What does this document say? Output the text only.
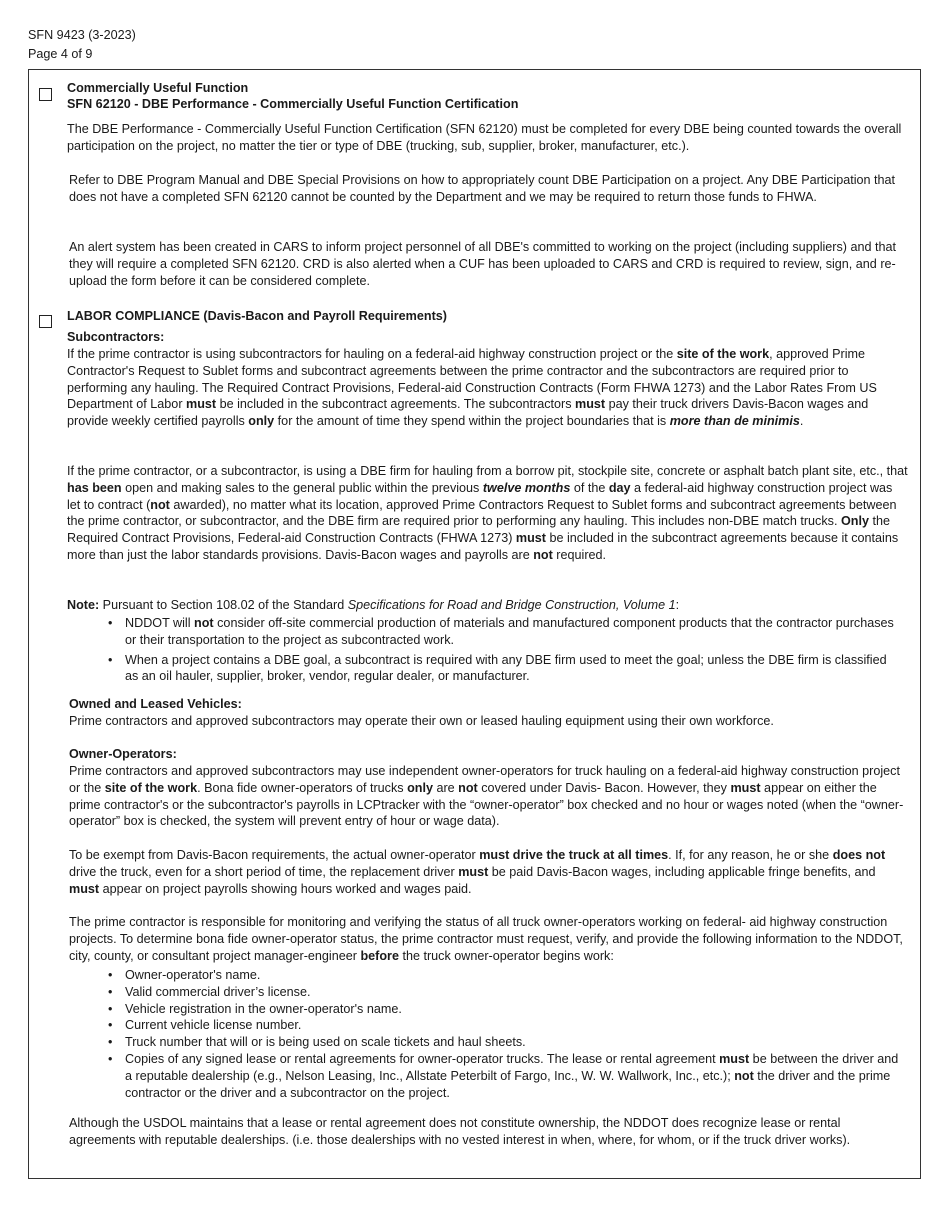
SFN 9423 (3-2023)
Page 4 of 9
Commercially Useful Function
SFN 62120 - DBE Performance - Commercially Useful Function Certification

The DBE Performance - Commercially Useful Function Certification (SFN 62120) must be completed for every DBE being counted towards the overall participation on the project, no matter the tier or type of DBE (trucking, sub, supplier, broker, manufacturer, etc.).

Refer to DBE Program Manual and DBE Special Provisions on how to appropriately count DBE Participation on a project. Any DBE Participation that does not have a completed SFN 62120 cannot be counted by the Department and we may be required to return those funds to FHWA.

An alert system has been created in CARS to inform project personnel of all DBE's committed to working on the project (including suppliers) and that they will require a completed SFN 62120. CRD is also alerted when a CUF has been uploaded to CARS and CRD is required to review, sign, and re-upload the form before it can be considered complete.

LABOR COMPLIANCE (Davis-Bacon and Payroll Requirements)
Subcontractors:

If the prime contractor is using subcontractors for hauling on a federal-aid highway construction project or the site of the work, approved Prime Contractor's Request to Sublet forms and subcontract agreements between the prime contractor and the subcontractors are required prior to performing any hauling. The Required Contract Provisions, Federal-aid Construction Contracts (Form FHWA 1273) and the Labor Rates From US Department of Labor must be included in the subcontract agreements. The subcontractors must pay their truck drivers Davis-Bacon wages and provide weekly certified payrolls only for the amount of time they spend within the project boundaries that is more than de minimis.

If the prime contractor, or a subcontractor, is using a DBE firm for hauling from a borrow pit, stockpile site, concrete or asphalt batch plant site, etc., that has been open and making sales to the general public within the previous twelve months of the day a federal-aid highway construction project was let to contract (not awarded), no matter what its location, approved Prime Contractors Request to Sublet forms and subcontract agreements between the prime contractor, or subcontractor, and the DBE firm are required prior to performing any hauling. This includes non-DBE match trucks. Only the Required Contract Provisions, Federal-aid Construction Contracts (FHWA 1273) must be included in the subcontract agreements because it contains more than just the labor standards provisions. Davis-Bacon wages and payrolls are not required.

Note: Pursuant to Section 108.02 of the Standard Specifications for Road and Bridge Construction, Volume 1:

• NDDOT will not consider off-site commercial production of materials and manufactured component products that the contractor purchases or their transportation to the project as subcontracted work.
• When a project contains a DBE goal, a subcontract is required with any DBE firm used to meet the goal; unless the DBE firm is classified as an oil hauler, supplier, broker, vendor, regular dealer, or manufacturer.
Owned and Leased Vehicles:

Prime contractors and approved subcontractors may operate their own or leased hauling equipment using their own workforce.

Owner-Operators:

Prime contractors and approved subcontractors may use independent owner-operators for truck hauling on a federal-aid highway construction project or the site of the work. Bona fide owner-operators of trucks only are not covered under Davis- Bacon. However, they must appear on either the prime contractor's or the subcontractor's payrolls in LCPtracker with the “owner-operator” box checked and no hour or wages noted (when the “owner-operator” box is checked, the system will prevent entry of hour or wage data).

To be exempt from Davis-Bacon requirements, the actual owner-operator must drive the truck at all times. If, for any reason, he or she does not drive the truck, even for a short period of time, the replacement driver must be paid Davis-Bacon wages, including applicable fringe benefits, and must appear on project payrolls showing hours worked and wages paid.

The prime contractor is responsible for monitoring and verifying the status of all truck owner-operators working on federal- aid highway construction projects. To determine bona fide owner-operator status, the prime contractor must request, verify, and provide the following information to the NDDOT, city, county, or consultant project manager-engineer before the truck owner-operator begins work:

• Owner-operator's name.
• Valid commercial driver’s license.
• Vehicle registration in the owner-operator's name.
• Current vehicle license number.
• Truck number that will or is being used on scale tickets and haul sheets.
• Copies of any signed lease or rental agreements for owner-operator trucks. The lease or rental agreement must be between the driver and a reputable dealership (e.g., Nelson Leasing, Inc., Allstate Peterbilt of Fargo, Inc., W. W. Wallwork, Inc., etc.); not the driver and the prime contractor or the driver and a subcontractor on the project.

Although the USDOL maintains that a lease or rental agreement does not constitute ownership, the NDDOT does recognize lease or rental agreements with reputable dealerships. (i.e. those dealerships with no vested interest in when, where, for whom, or if the truck driver works).
